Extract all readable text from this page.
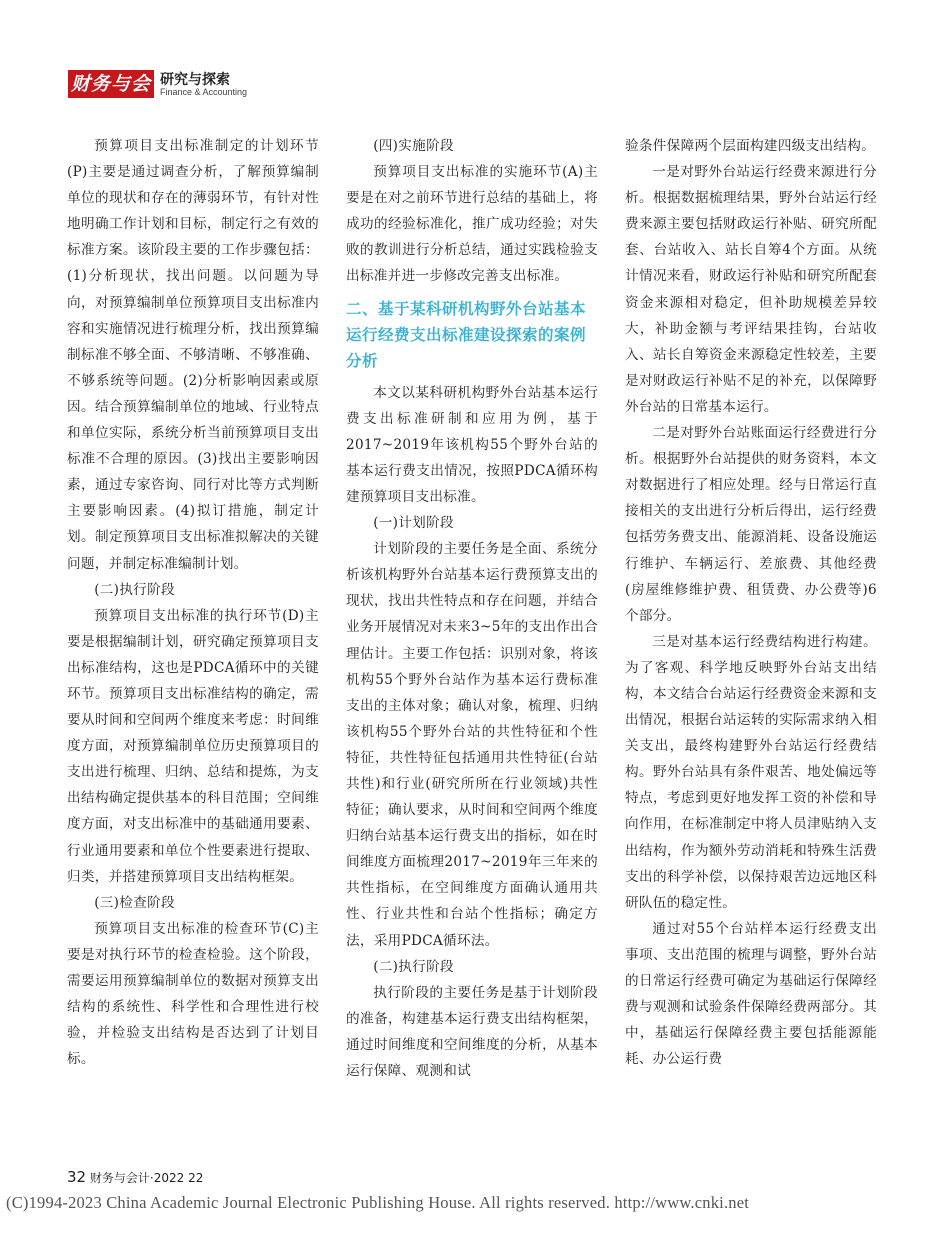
财务与会计
研究与探索
Finance & Accounting

预算项目支出标准制定的计划环节(P)主要是通过调查分析，了解预算编制单位的现状和存在的薄弱环节，有针对性地明确工作计划和目标，制定行之有效的标准方案。该阶段主要的工作步骤包括：(1)分析现状，找出问题。以问题为导向，对预算编制单位预算项目支出标准内容和实施情况进行梳理分析，找出预算编制标准不够全面、不够清晰、不够准确、不够系统等问题。(2)分析影响因素或原因。结合预算编制单位的地域、行业特点和单位实际，系统分析当前预算项目支出标准不合理的原因。(3)找出主要影响因素，通过专家咨询、同行对比等方式判断主要影响因素。(4)拟订措施，制定计划。制定预算项目支出标准拟解决的关键问题，并制定标准编制计划。

(二)执行阶段

预算项目支出标准的执行环节(D)主要是根据编制计划，研究确定预算项目支出标准结构，这也是PDCA循环中的关键环节。预算项目支出标准结构的确定，需要从时间和空间两个维度来考虑：时间维度方面，对预算编制单位历史预算项目的支出进行梳理、归纳、总结和提炼，为支出结构确定提供基本的科目范围；空间维度方面，对支出标准中的基础通用要素、行业通用要素和单位个性要素进行提取、归类，并搭建预算项目支出结构框架。

(三)检查阶段

预算项目支出标准的检查环节(C)主要是对执行环节的检查检验。这个阶段，需要运用预算编制单位的数据对预算支出结构的系统性、科学性和合理性进行校验，并检验支出结构是否达到了计划目标。

(四)实施阶段

预算项目支出标准的实施环节(A)主要是在对之前环节进行总结的基础上，将成功的经验标准化，推广成功经验；对失败的教训进行分析总结，通过实践检验支出标准并进一步修改完善支出标准。

二、基于某科研机构野外台站基本运行经费支出标准建设探索的案例分析

本文以某科研机构野外台站基本运行费支出标准研制和应用为例，基于2017~2019年该机构55个野外台站的基本运行费支出情况，按照PDCA循环构建预算项目支出标准。

(一)计划阶段

计划阶段的主要任务是全面、系统分析该机构野外台站基本运行费预算支出的现状，找出共性特点和存在问题，并结合业务开展情况对未来3~5年的支出作出合理估计。主要工作包括：识别对象，将该机构55个野外台站作为基本运行费标准支出的主体对象；确认对象，梳理、归纳该机构55个野外台站的共性特征和个性特征，共性特征包括通用共性特征(台站共性)和行业(研究所所在行业领域)共性特征；确认要求，从时间和空间两个维度归纳台站基本运行费支出的指标，如在时间维度方面梳理2017~2019年三年来的共性指标，在空间维度方面确认通用共性、行业共性和台站个性指标；确定方法，采用PDCA循环法。

(二)执行阶段

执行阶段的主要任务是基于计划阶段的准备，构建基本运行费支出结构框架，通过时间维度和空间维度的分析，从基本运行保障、观测和试

验条件保障两个层面构建四级支出结构。

一是对野外台站运行经费来源进行分析。根据数据梳理结果，野外台站运行经费来源主要包括财政运行补贴、研究所配套、台站收入、站长自筹4个方面。从统计情况来看，财政运行补贴和研究所配套资金来源相对稳定，但补助规模差异较大，补助金额与考评结果挂钩，台站收入、站长自筹资金来源稳定性较差，主要是对财政运行补贴不足的补充，以保障野外台站的日常基本运行。

二是对野外台站账面运行经费进行分析。根据野外台站提供的财务资料，本文对数据进行了相应处理。经与日常运行直接相关的支出进行分析后得出，运行经费包括劳务费支出、能源消耗、设备设施运行维护、车辆运行、差旅费、其他经费(房屋维修维护费、租赁费、办公费等)6个部分。

三是对基本运行经费结构进行构建。为了客观、科学地反映野外台站支出结构，本文结合台站运行经费资金来源和支出情况，根据台站运转的实际需求纳入相关支出，最终构建野外台站运行经费结构。野外台站具有条件艰苦、地处偏远等特点，考虑到更好地发挥工资的补偿和导向作用，在标准制定中将人员津贴纳入支出结构，作为额外劳动消耗和特殊生活费支出的科学补偿，以保持艰苦边远地区科研队伍的稳定性。

通过对55个台站样本运行经费支出事项、支出范围的梳理与调整，野外台站的日常运行经费可确定为基础运行保障经费与观测和试验条件保障经费两部分。其中，基础运行保障经费主要包括能源能耗、办公运行费

32 财务与会计·2022 22
(C)1994-2023 China Academic Journal Electronic Publishing House. All rights reserved. http://www.cnki.net
